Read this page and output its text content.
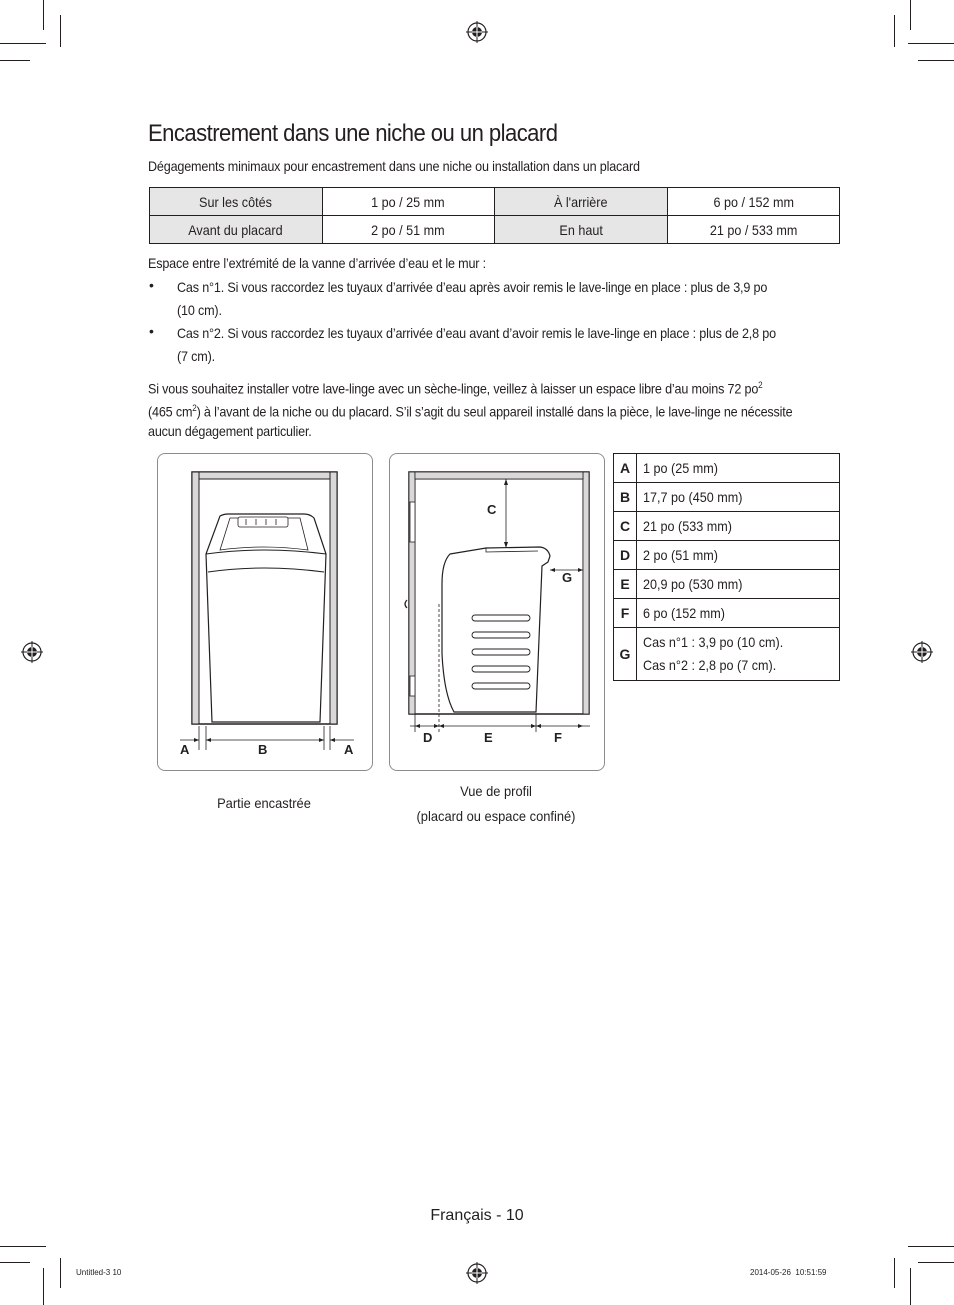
Encastrement dans une niche ou un placard
Dégagements minimaux pour encastrement dans une niche ou installation dans un placard
Sur les côtés	1 po / 25 mm	À l'arrière	6 po / 152 mm
Avant du placard	2 po / 51 mm	En haut	21 po / 533 mm
Espace entre l’extrémité de la vanne d’arrivée d’eau et le mur :
• Cas n°1. Si vous raccordez les tuyaux d’arrivée d’eau après avoir remis le lave-linge en place : plus de 3,9 po
(10 cm).
• Cas n°2. Si vous raccordez les tuyaux d’arrivée d’eau avant d’avoir remis le lave-linge en place : plus de 2,8 po
(7 cm).
Si vous souhaitez installer votre lave-linge avec un sèche-linge, veillez à laisser un espace libre d’au moins 72 $po^2$
(465 $cm^2$) à l’avant de la niche ou du placard. S’il s’agit du seul appareil installé dans la pièce, le lave-linge ne nécessite
aucun dégagement particulier.
A	B	A
C
G
D	E	F
A	1 po (25 mm)
B	17,7 po (450 mm)
C	21 po (533 mm)
D	2 po (51 mm)
E	20,9 po (530 mm)
F	6 po (152 mm)
G	Cas n°1 : 3,9 po (10 cm).
Cas n°2 : 2,8 po (7 cm).
Partie encastrée
Vue de profil
(placard ou espace confiné)
Français - 10
Untitled-3 10	2014-05-26 ︎︎ 10:51:59
